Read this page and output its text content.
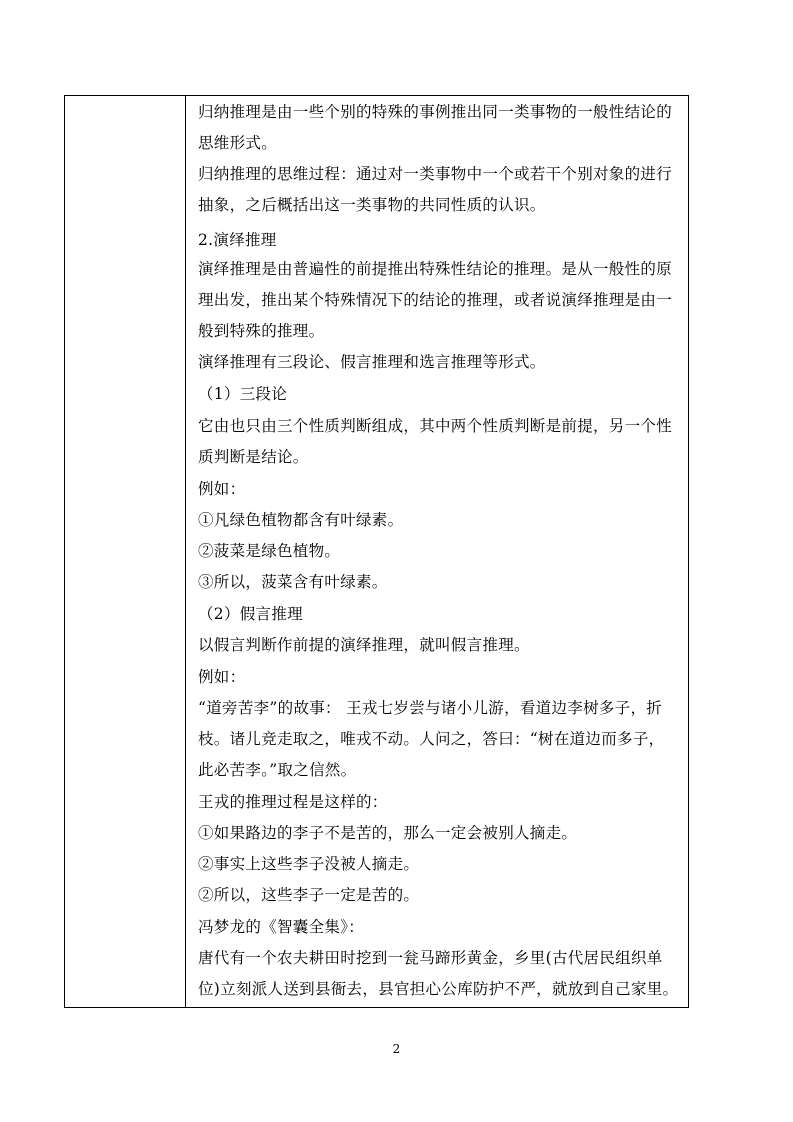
归纳推理是由一些个别的特殊的事例推出同一类事物的一般性结论的
思维形式。
归纳推理的思维过程：通过对一类事物中一个或若干个别对象的进行
抽象，之后概括出这一类事物的共同性质的认识。
2.演绎推理
演绎推理是由普遍性的前提推出特殊性结论的推理。是从一般性的原
理出发，推出某个特殊情况下的结论的推理，或者说演绎推理是由一
般到特殊的推理。
演绎推理有三段论、假言推理和选言推理等形式。
（1）三段论
它由也只由三个性质判断组成，其中两个性质判断是前提，另一个性
质判断是结论。
例如：
①凡绿色植物都含有叶绿素。
②菠菜是绿色植物。
③所以，菠菜含有叶绿素。
（2）假言推理
以假言判断作前提的演绎推理，就叫假言推理。
例如：
“道旁苦李”的故事： 王戎七岁尝与诸小儿游，看道边李树多子，折
枝。诸儿竞走取之，唯戎不动。人问之，答曰：“树在道边而多子，
此必苦李。”取之信然。
王戎的推理过程是这样的：
①如果路边的李子不是苦的，那么一定会被别人摘走。
②事实上这些李子没被人摘走。
②所以，这些李子一定是苦的。
冯梦龙的《智囊全集》：
唐代有一个农夫耕田时挖到一瓮马蹄形黄金，乡里(古代居民组织单
位)立刻派人送到县衙去，县官担心公库防护不严，就放到自己家里。
2
